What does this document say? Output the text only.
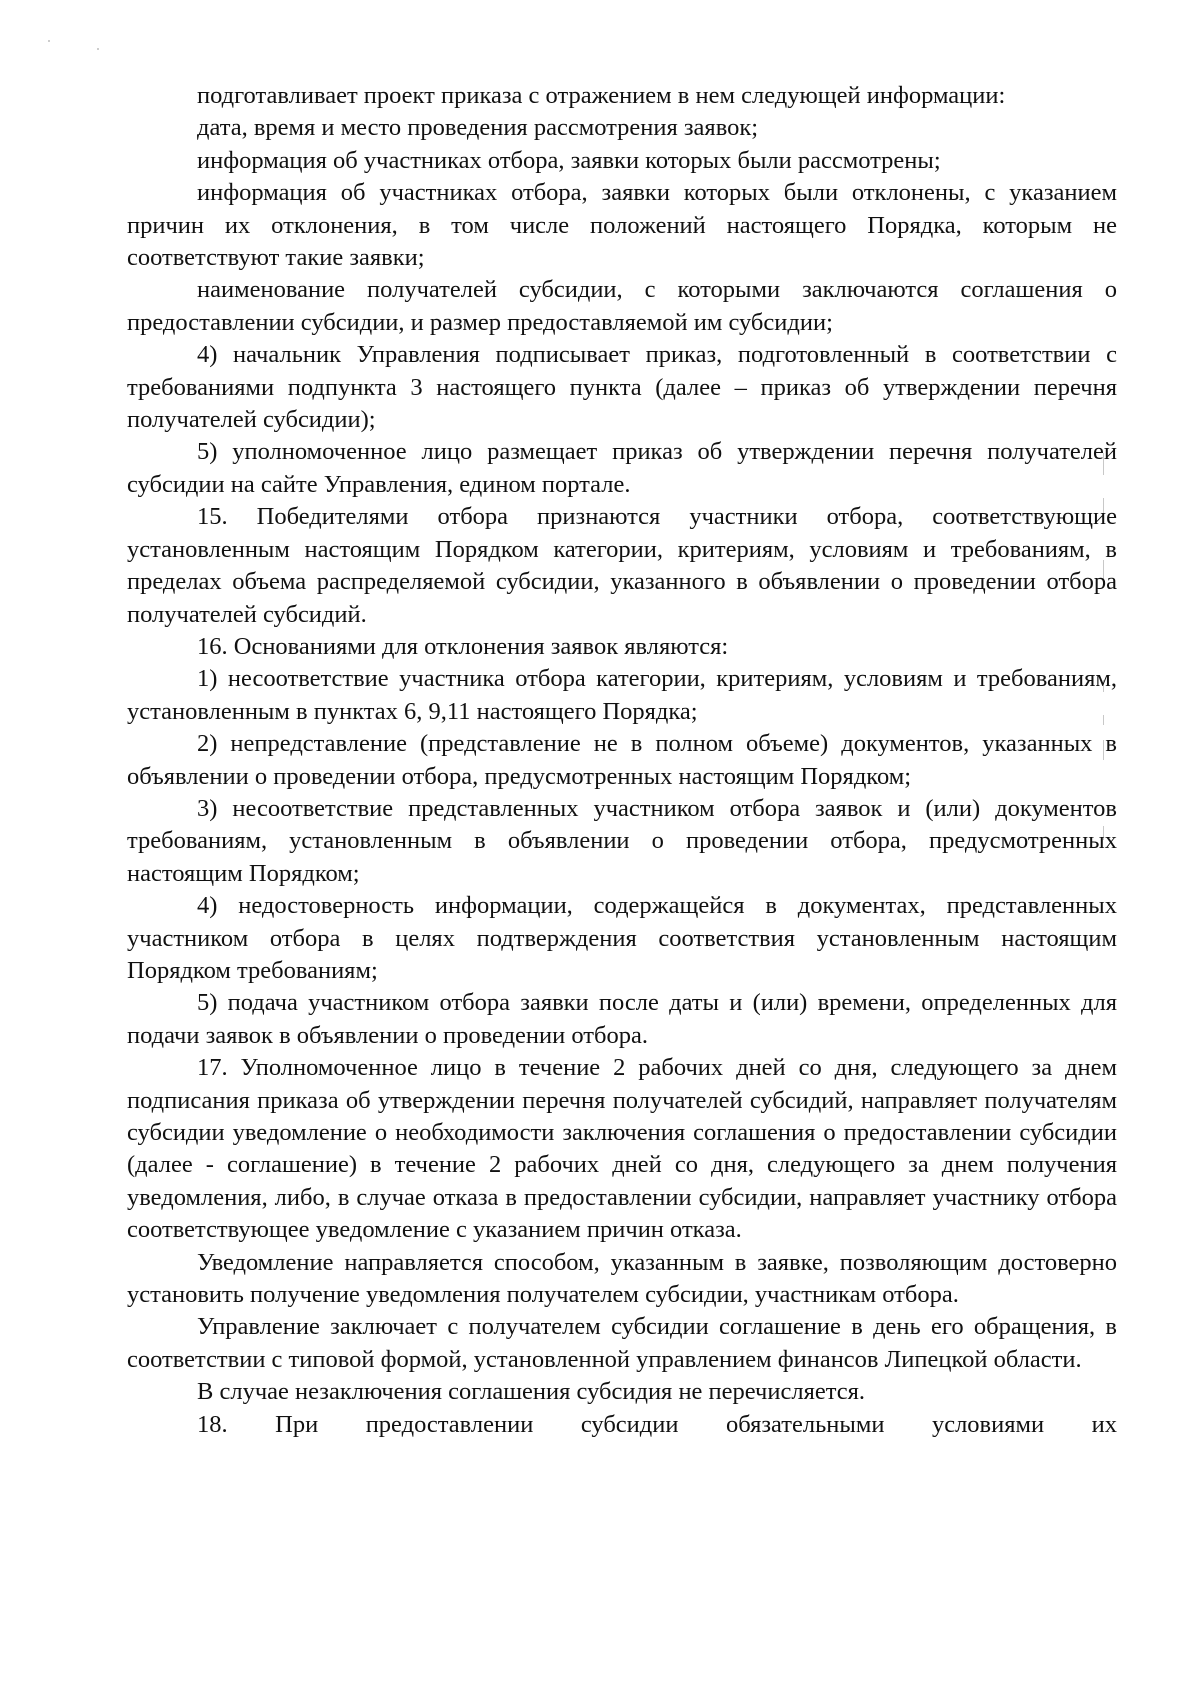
подготавливает проект приказа с отражением в нем следующей информации:

дата, время и место проведения рассмотрения заявок;

информация об участниках отбора, заявки которых были рассмотрены;

информация об участниках отбора, заявки которых были отклонены, с указанием причин их отклонения, в том числе положений настоящего Порядка, которым не соответствуют такие заявки;

наименование получателей субсидии, с которыми заключаются соглашения о предоставлении субсидии, и размер предоставляемой им субсидии;

4) начальник Управления подписывает приказ, подготовленный в соответствии с требованиями подпункта 3 настоящего пункта (далее – приказ об утверждении перечня получателей субсидии);

5) уполномоченное лицо размещает приказ об утверждении перечня получателей субсидии на сайте Управления, едином портале.

15. Победителями отбора признаются участники отбора, соответствующие установленным настоящим Порядком категории, критериям, условиям и требованиям, в пределах объема распределяемой субсидии, указанного в объявлении о проведении отбора получателей субсидий.

16. Основаниями для отклонения заявок являются:

1) несоответствие участника отбора категории, критериям, условиям и требованиям, установленным в пунктах 6, 9,11 настоящего Порядка;

2) непредставление (представление не в полном объеме) документов, указанных в объявлении о проведении отбора, предусмотренных настоящим Порядком;

3) несоответствие представленных участником отбора заявок и (или) документов требованиям, установленным в объявлении о проведении отбора, предусмотренных настоящим Порядком;

4) недостоверность информации, содержащейся в документах, представленных участником отбора в целях подтверждения соответствия установленным настоящим Порядком требованиям;

5) подача участником отбора заявки после даты и (или) времени, определенных для подачи заявок в объявлении о проведении отбора.

17. Уполномоченное лицо в течение 2 рабочих дней со дня, следующего за днем подписания приказа об утверждении перечня получателей субсидий, направляет получателям субсидии уведомление о необходимости заключения соглашения о предоставлении субсидии (далее - соглашение) в течение 2 рабочих дней со дня, следующего за днем получения уведомления, либо, в случае отказа в предоставлении субсидии, направляет участнику отбора соответствующее уведомление с указанием причин отказа.

Уведомление направляется способом, указанным в заявке, позволяющим достоверно установить получение уведомления получателем субсидии, участникам отбора.

Управление заключает с получателем субсидии соглашение в день его обращения, в соответствии с типовой формой, установленной управлением финансов Липецкой области.

В случае незаключения соглашения субсидия не перечисляется.

18. При предоставлении субсидии обязательными условиями их
